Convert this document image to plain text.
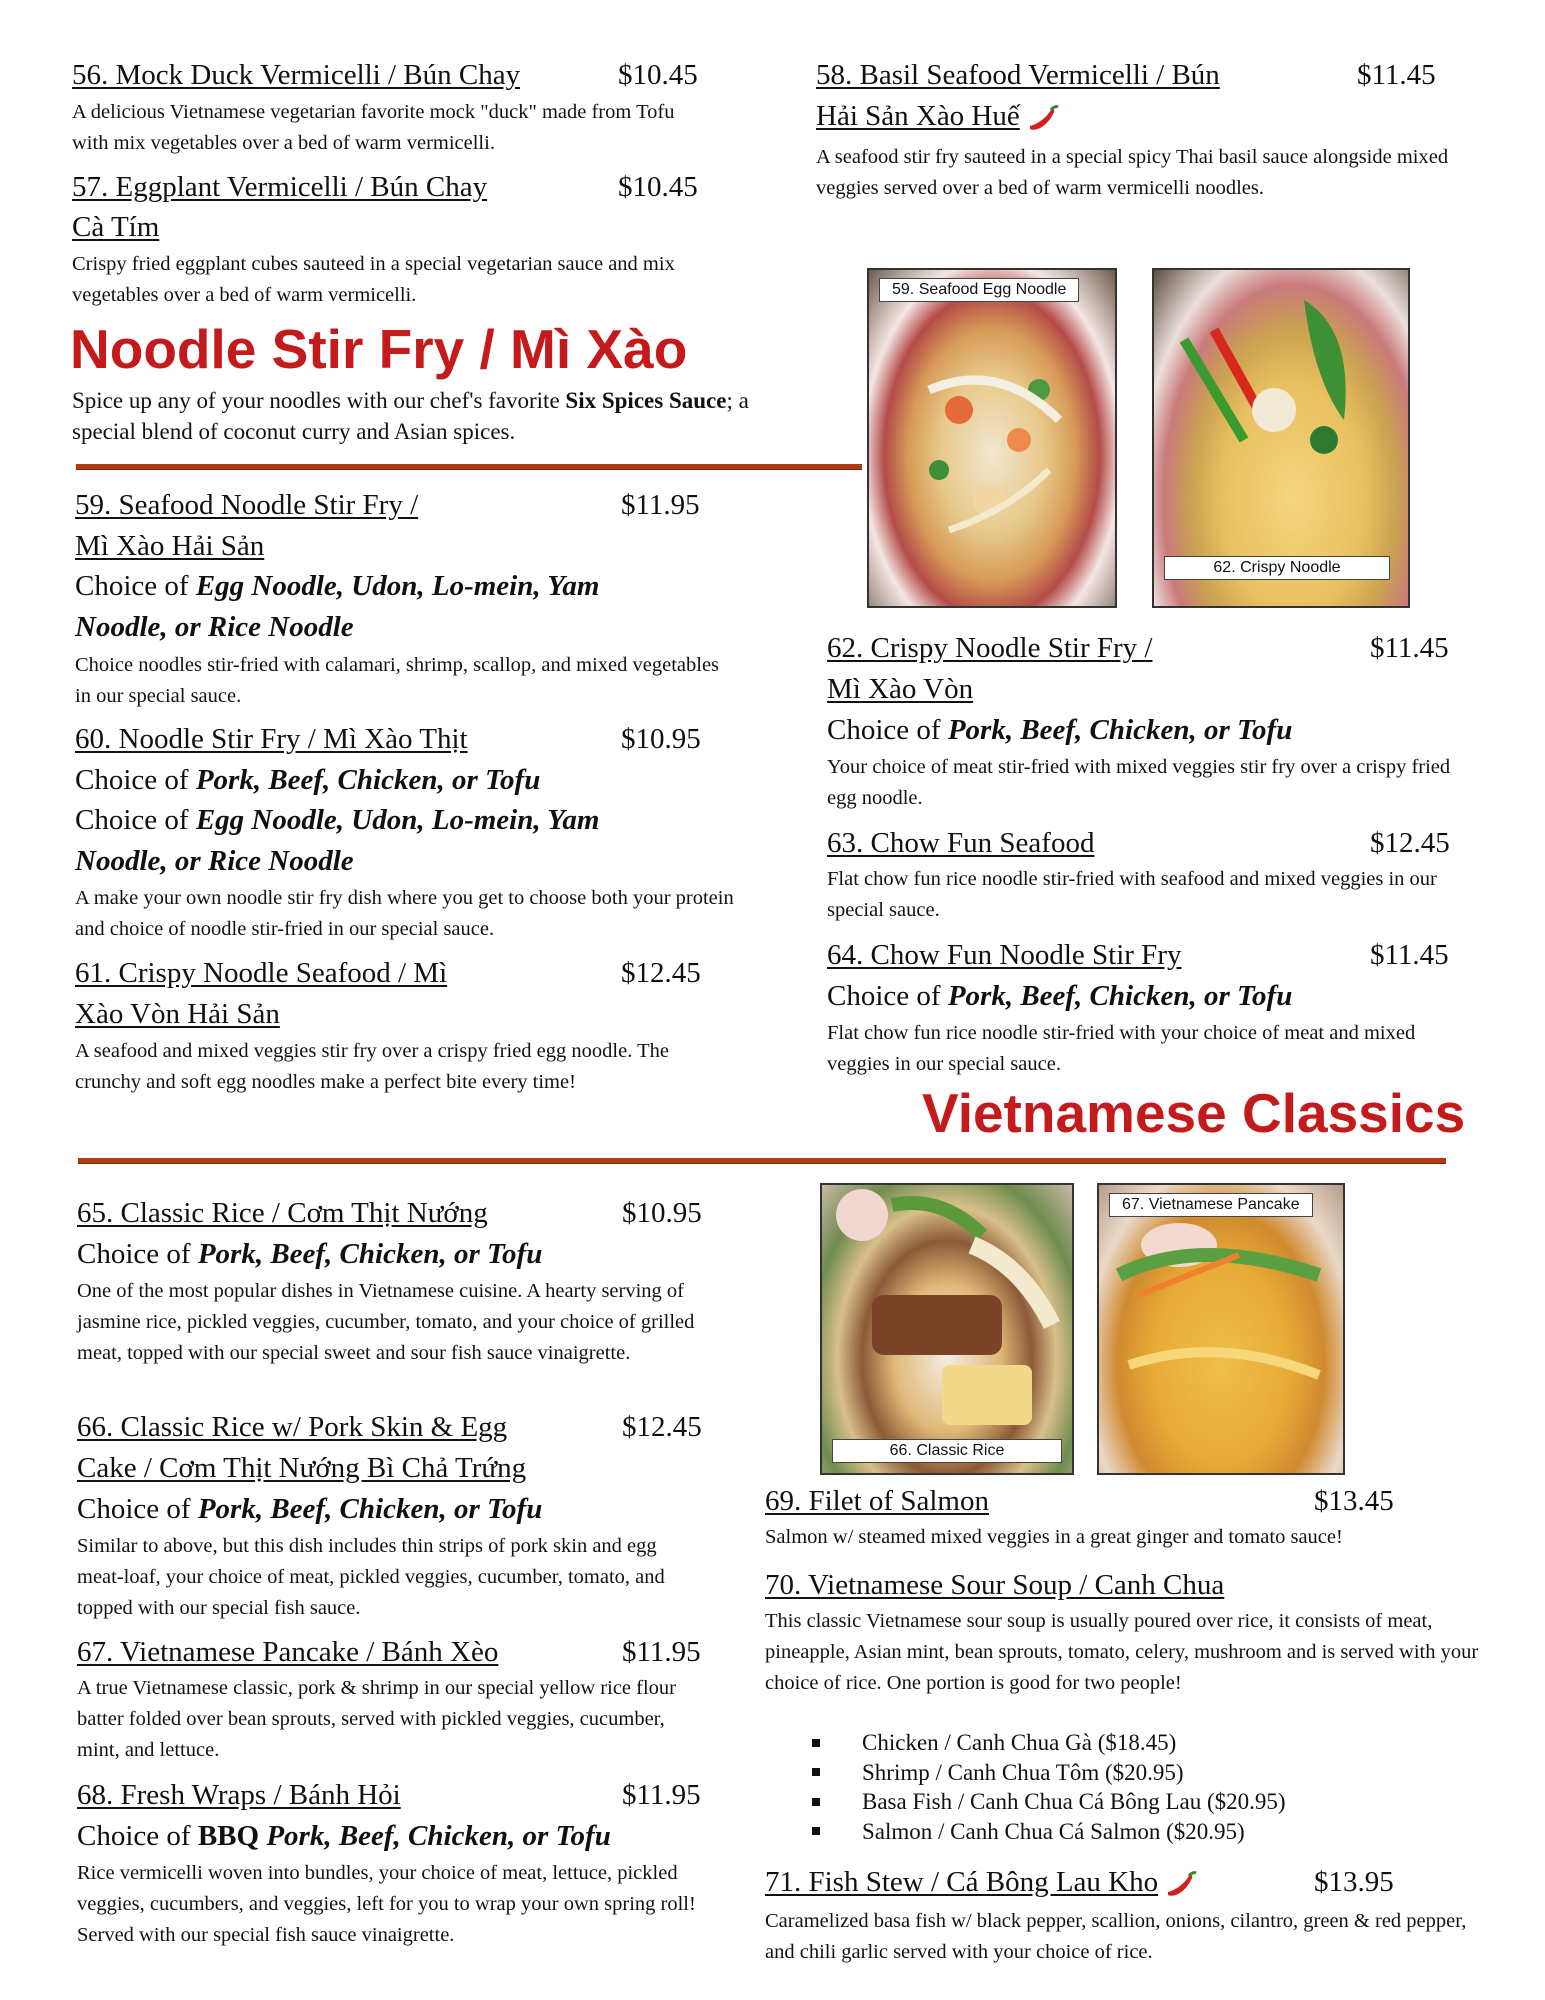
56. Mock Duck Vermicelli / Bún Chay	$10.45
A delicious Vietnamese vegetarian favorite mock "duck" made from Tofu with mix vegetables over a bed of warm vermicelli.
57. Eggplant Vermicelli / Bún Chay	$10.45
Cà Tím
Crispy fried eggplant cubes sauteed in a special vegetarian sauce and mix vegetables over a bed of warm vermicelli.
Noodle Stir Fry / Mì Xào
Spice up any of your noodles with our chef's favorite Six Spices Sauce; a special blend of coconut curry and Asian spices.
59. Seafood Noodle Stir Fry /	$11.95
Mì Xào Hải Sản
Choice of Egg Noodle, Udon, Lo-mein, Yam
Noodle, or Rice Noodle
Choice noodles stir-fried with calamari, shrimp, scallop, and mixed vegetables in our special sauce.
60. Noodle Stir Fry / Mì Xào Thịt	$10.95
Choice of Pork, Beef, Chicken, or Tofu
Choice of Egg Noodle, Udon, Lo-mein, Yam
Noodle, or Rice Noodle
A make your own noodle stir fry dish where you get to choose both your protein and choice of noodle stir-fried in our special sauce.
61. Crispy Noodle Seafood / Mì	$12.45
Xào Vòn Hải Sản
A seafood and mixed veggies stir fry over a crispy fried egg noodle. The crunchy and soft egg noodles make a perfect bite every time!
58. Basil Seafood Vermicelli / Bún	$11.45
Hải Sản Xào Huế
A seafood stir fry sauteed in a special spicy Thai basil sauce alongside mixed veggies served over a bed of warm vermicelli noodles.
59. Seafood Egg Noodle
62. Crispy Noodle
62. Crispy Noodle Stir Fry /	$11.45
Mì Xào Vòn
Choice of Pork, Beef, Chicken, or Tofu
Your choice of meat stir-fried with mixed veggies stir fry over a crispy fried egg noodle.
63. Chow Fun Seafood	$12.45
Flat chow fun rice noodle stir-fried with seafood and mixed veggies in our special sauce.
64. Chow Fun Noodle Stir Fry	$11.45
Choice of Pork, Beef, Chicken, or Tofu
Flat chow fun rice noodle stir-fried with your choice of meat and mixed veggies in our special sauce.
Vietnamese Classics
65. Classic Rice / Cơm Thịt Nướng	$10.95
Choice of Pork, Beef, Chicken, or Tofu
One of the most popular dishes in Vietnamese cuisine. A hearty serving of jasmine rice, pickled veggies, cucumber, tomato, and your choice of grilled meat, topped with our special sweet and sour fish sauce vinaigrette.
66. Classic Rice w/ Pork Skin & Egg	$12.45
Cake / Cơm Thịt Nướng Bì Chả Trứng
Choice of Pork, Beef, Chicken, or Tofu
Similar to above, but this dish includes thin strips of pork skin and egg meat-loaf, your choice of meat, pickled veggies, cucumber, tomato, and topped with our special fish sauce.
67. Vietnamese Pancake / Bánh Xèo	$11.95
A true Vietnamese classic, pork & shrimp in our special yellow rice flour batter folded over bean sprouts, served with pickled veggies, cucumber, mint, and lettuce.
68. Fresh Wraps / Bánh Hỏi	$11.95
Choice of BBQ Pork, Beef, Chicken, or Tofu
Rice vermicelli woven into bundles, your choice of meat, lettuce, pickled veggies, cucumbers, and veggies, left for you to wrap your own spring roll! Served with our special fish sauce vinaigrette.
66. Classic Rice
67. Vietnamese Pancake
69. Filet of Salmon	$13.45
Salmon w/ steamed mixed veggies in a great ginger and tomato sauce!
70. Vietnamese Sour Soup / Canh Chua
This classic Vietnamese sour soup is usually poured over rice, it consists of meat, pineapple, Asian mint, bean sprouts, tomato, celery, mushroom and is served with your choice of rice. One portion is good for two people!
Chicken / Canh Chua Gà ($18.45)
Shrimp / Canh Chua Tôm ($20.95)
Basa Fish / Canh Chua Cá Bông Lau ($20.95)
Salmon / Canh Chua Cá Salmon ($20.95)
71. Fish Stew / Cá Bông Lau Kho	$13.95
Caramelized basa fish w/ black pepper, scallion, onions, cilantro, green & red pepper, and chili garlic served with your choice of rice.
